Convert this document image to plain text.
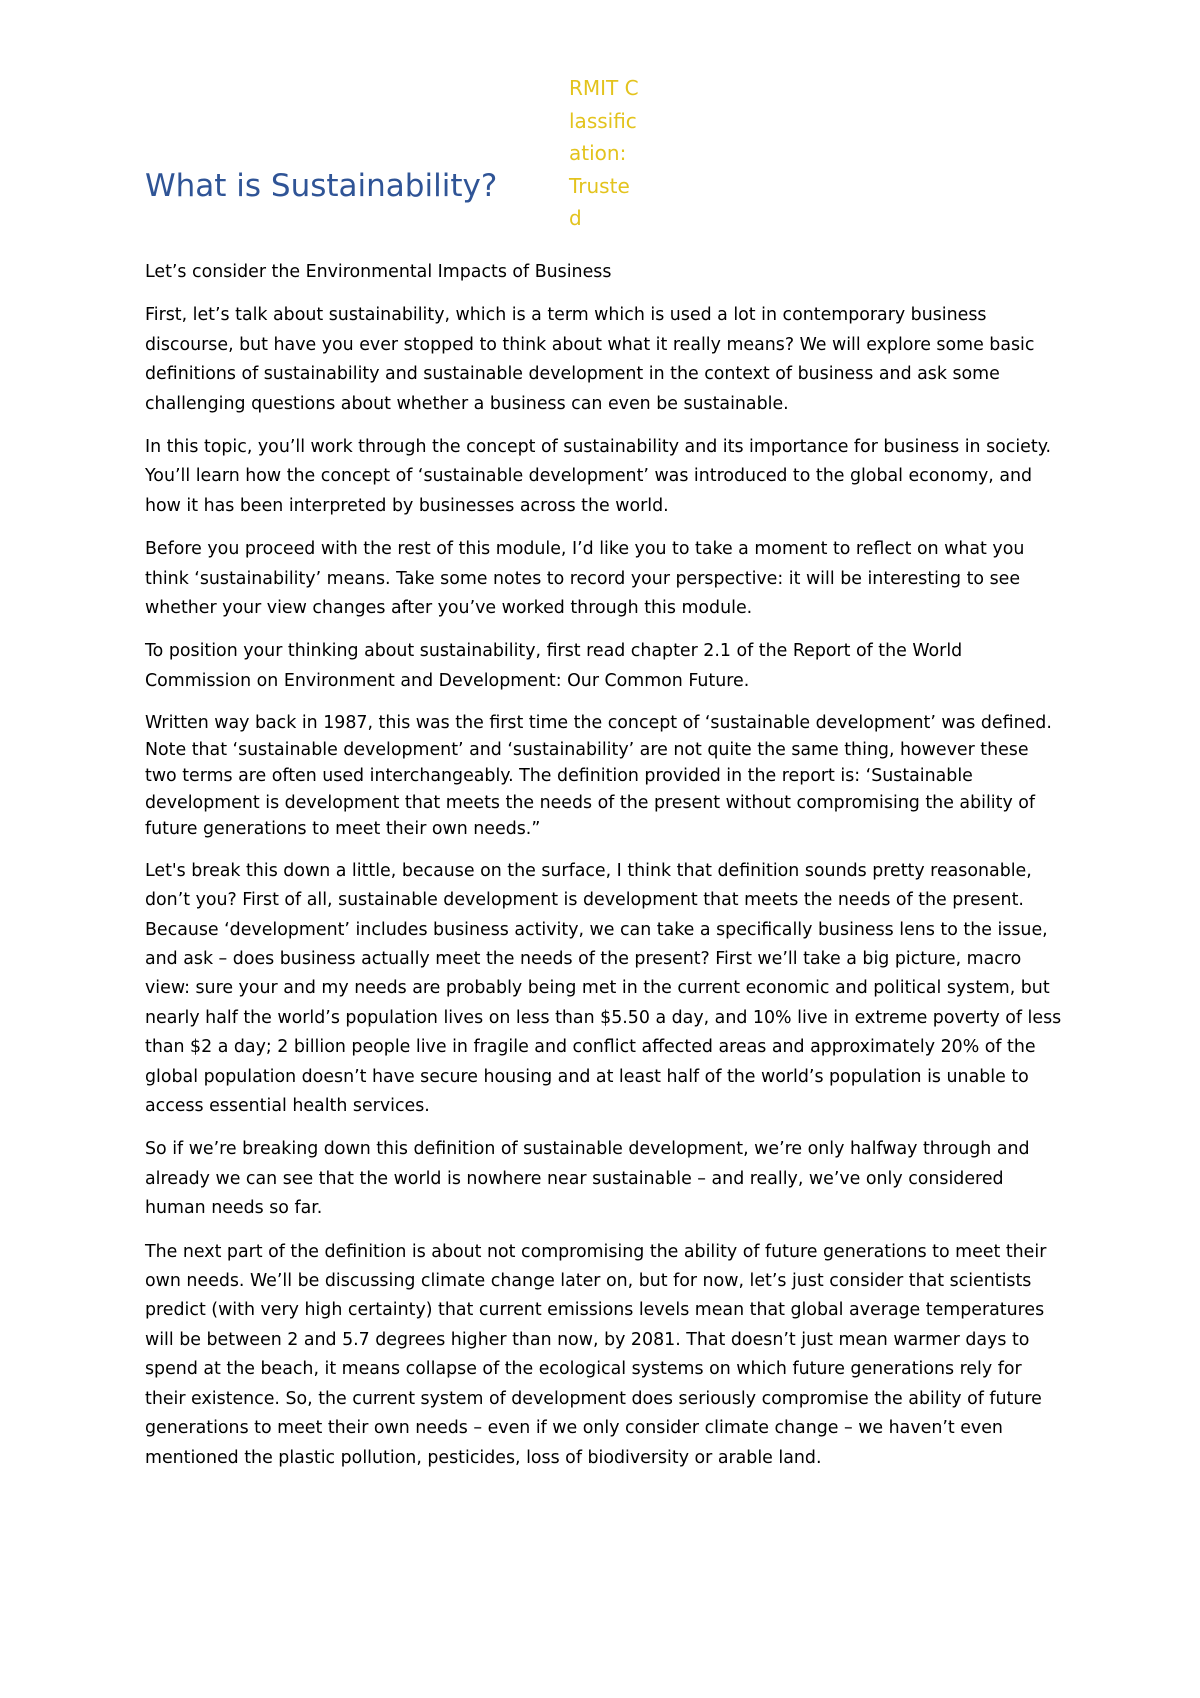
What is Sustainability?
RMIT Classification: Trusted

Let’s consider the Environmental Impacts of Business

First, let’s talk about sustainability, which is a term which is used a lot in contemporary business discourse, but have you ever stopped to think about what it really means? We will explore some basic definitions of sustainability and sustainable development in the context of business and ask some challenging questions about whether a business can even be sustainable.

In this topic, you’ll work through the concept of sustainability and its importance for business in society. You’ll learn how the concept of ‘sustainable development’ was introduced to the global economy, and how it has been interpreted by businesses across the world.

Before you proceed with the rest of this module, I’d like you to take a moment to reflect on what you think ‘sustainability’ means. Take some notes to record your perspective: it will be interesting to see whether your view changes after you’ve worked through this module.

To position your thinking about sustainability, first read chapter 2.1 of the Report of the World Commission on Environment and Development: Our Common Future.

Written way back in 1987, this was the first time the concept of ‘sustainable development’ was defined. Note that ‘sustainable development’ and ‘sustainability’ are not quite the same thing, however these two terms are often used interchangeably. The definition provided in the report is: ‘Sustainable development is development that meets the needs of the present without compromising the ability of future generations to meet their own needs.”

Let's break this down a little, because on the surface, I think that definition sounds pretty reasonable, don’t you? First of all, sustainable development is development that meets the needs of the present. Because ‘development’ includes business activity, we can take a specifically business lens to the issue, and ask – does business actually meet the needs of the present? First we’ll take a big picture, macro view: sure your and my needs are probably being met in the current economic and political system, but nearly half the world’s population lives on less than $5.50 a day, and 10% live in extreme poverty of less than $2 a day; 2 billion people live in fragile and conflict affected areas and approximately 20% of the global population doesn’t have secure housing and at least half of the world’s population is unable to access essential health services.

So if we’re breaking down this definition of sustainable development, we’re only halfway through and already we can see that the world is nowhere near sustainable – and really, we’ve only considered human needs so far.

The next part of the definition is about not compromising the ability of future generations to meet their own needs. We’ll be discussing climate change later on, but for now, let’s just consider that scientists predict (with very high certainty) that current emissions levels mean that global average temperatures will be between 2 and 5.7 degrees higher than now, by 2081. That doesn’t just mean warmer days to spend at the beach, it means collapse of the ecological systems on which future generations rely for their existence. So, the current system of development does seriously compromise the ability of future generations to meet their own needs – even if we only consider climate change – we haven’t even mentioned the plastic pollution, pesticides, loss of biodiversity or arable land.
